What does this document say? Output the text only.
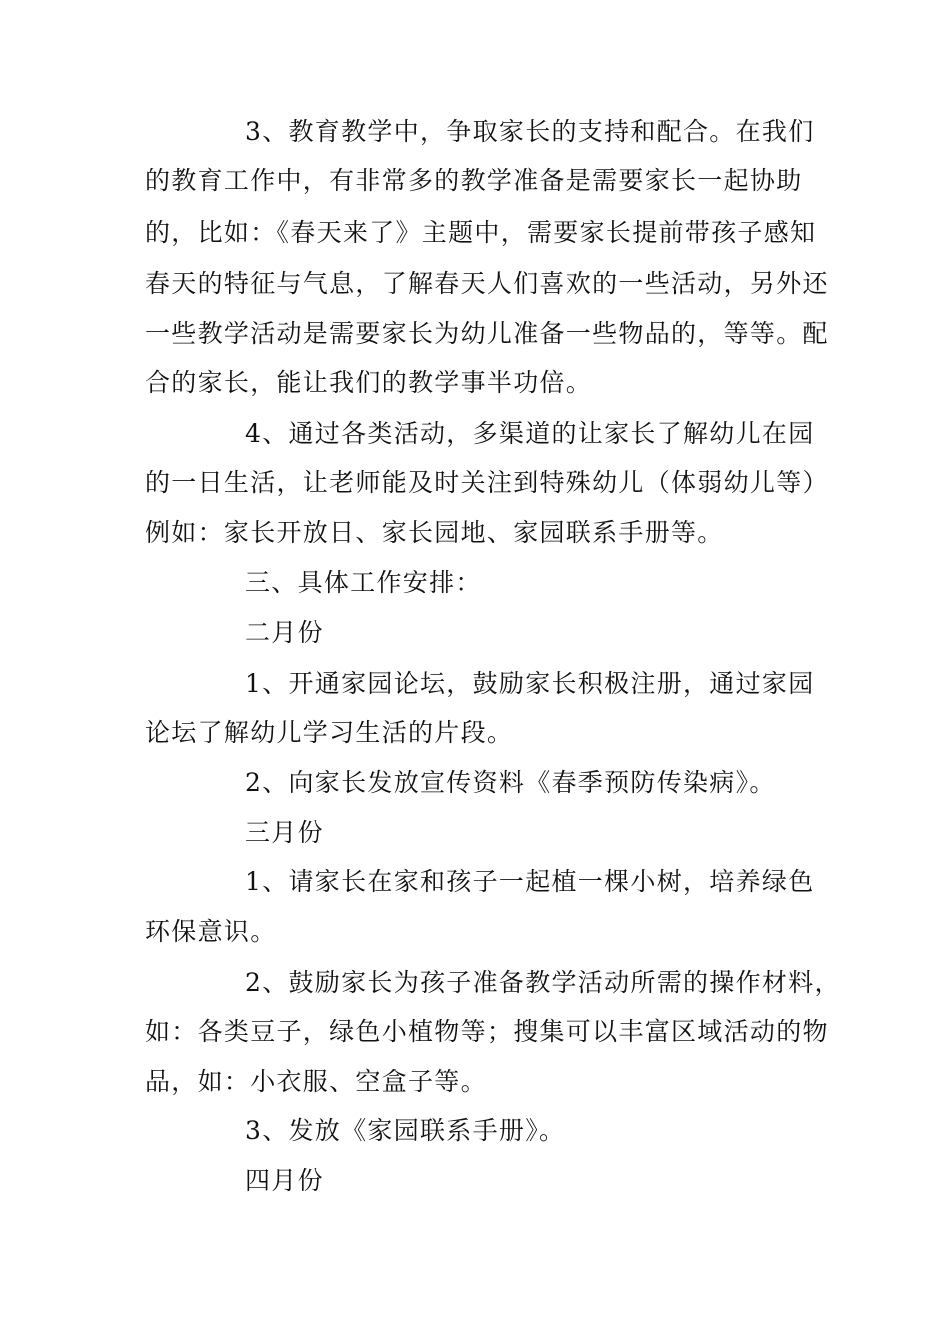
3、教育教学中，争取家长的支持和配合。在我们
的教育工作中，有非常多的教学准备是需要家长一起协助
的，比如：《春天来了》主题中，需要家长提前带孩子感知
春天的特征与气息，了解春天人们喜欢的一些活动，另外还
一些教学活动是需要家长为幼儿准备一些物品的，等等。配
合的家长，能让我们的教学事半功倍。
4、通过各类活动，多渠道的让家长了解幼儿在园
的一日生活，让老师能及时关注到特殊幼儿（体弱幼儿等）
例如：家长开放日、家长园地、家园联系手册等。
三、具体工作安排：
二月份
1、开通家园论坛，鼓励家长积极注册，通过家园
论坛了解幼儿学习生活的片段。
2、向家长发放宣传资料《春季预防传染病》。
三月份
1、请家长在家和孩子一起植一棵小树，培养绿色
环保意识。
2、鼓励家长为孩子准备教学活动所需的操作材料，
如：各类豆子，绿色小植物等；搜集可以丰富区域活动的物
品，如：小衣服、空盒子等。
3、发放《家园联系手册》。
四月份
